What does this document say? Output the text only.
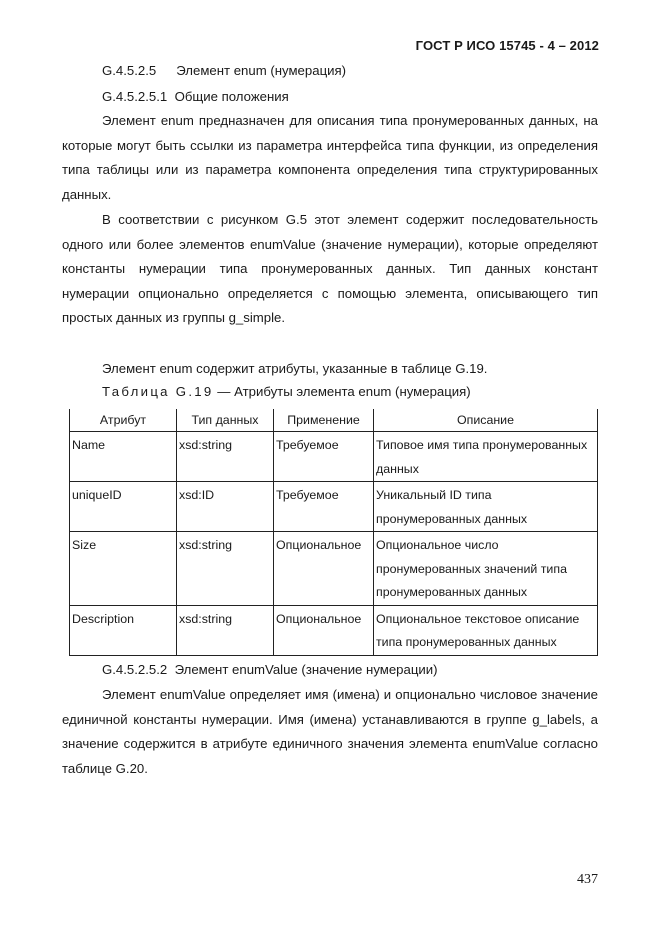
ГОСТ Р ИСО 15745 - 4 – 2012
G.4.5.2.5 Элемент enum (нумерация)
G.4.5.2.5.1 Общие положения

Элемент enum предназначен для описания типа пронумерованных данных, на которые могут быть ссылки из параметра интерфейса типа функции, из определения типа таблицы или из параметра компонента определения типа структурированных данных.

В соответствии с рисунком G.5 этот элемент содержит последовательность одного или более элементов enumValue (значение нумерации), которые определяют константы нумерации типа пронумерованных данных. Тип данных констант нумерации опционально определяется с помощью элемента, описывающего тип простых данных из группы g_simple.

Элемент enum содержит атрибуты, указанные в таблице G.19.

Таблица G.19 — Атрибуты элемента enum (нумерация)
Атрибут	Тип данных	Применение	Описание
Name	xsd:string	Требуемое	Типовое имя типа пронумерованных данных
uniqueID	xsd:ID	Требуемое	Уникальный ID типа пронумерованных данных
Size	xsd:string	Опциональное	Опциональное число пронумерованных значений типа пронумерованных данных
Description	xsd:string	Опциональное	Опциональное текстовое описание типа пронумерованных данных
G.4.5.2.5.2 Элемент enumValue (значение нумерации)

Элемент enumValue определяет имя (имена) и опционально числовое значение единичной константы нумерации. Имя (имена) устанавливаются в группе g_labels, а значение содержится в атрибуте единичного значения элемента enumValue согласно таблице G.20.

437
